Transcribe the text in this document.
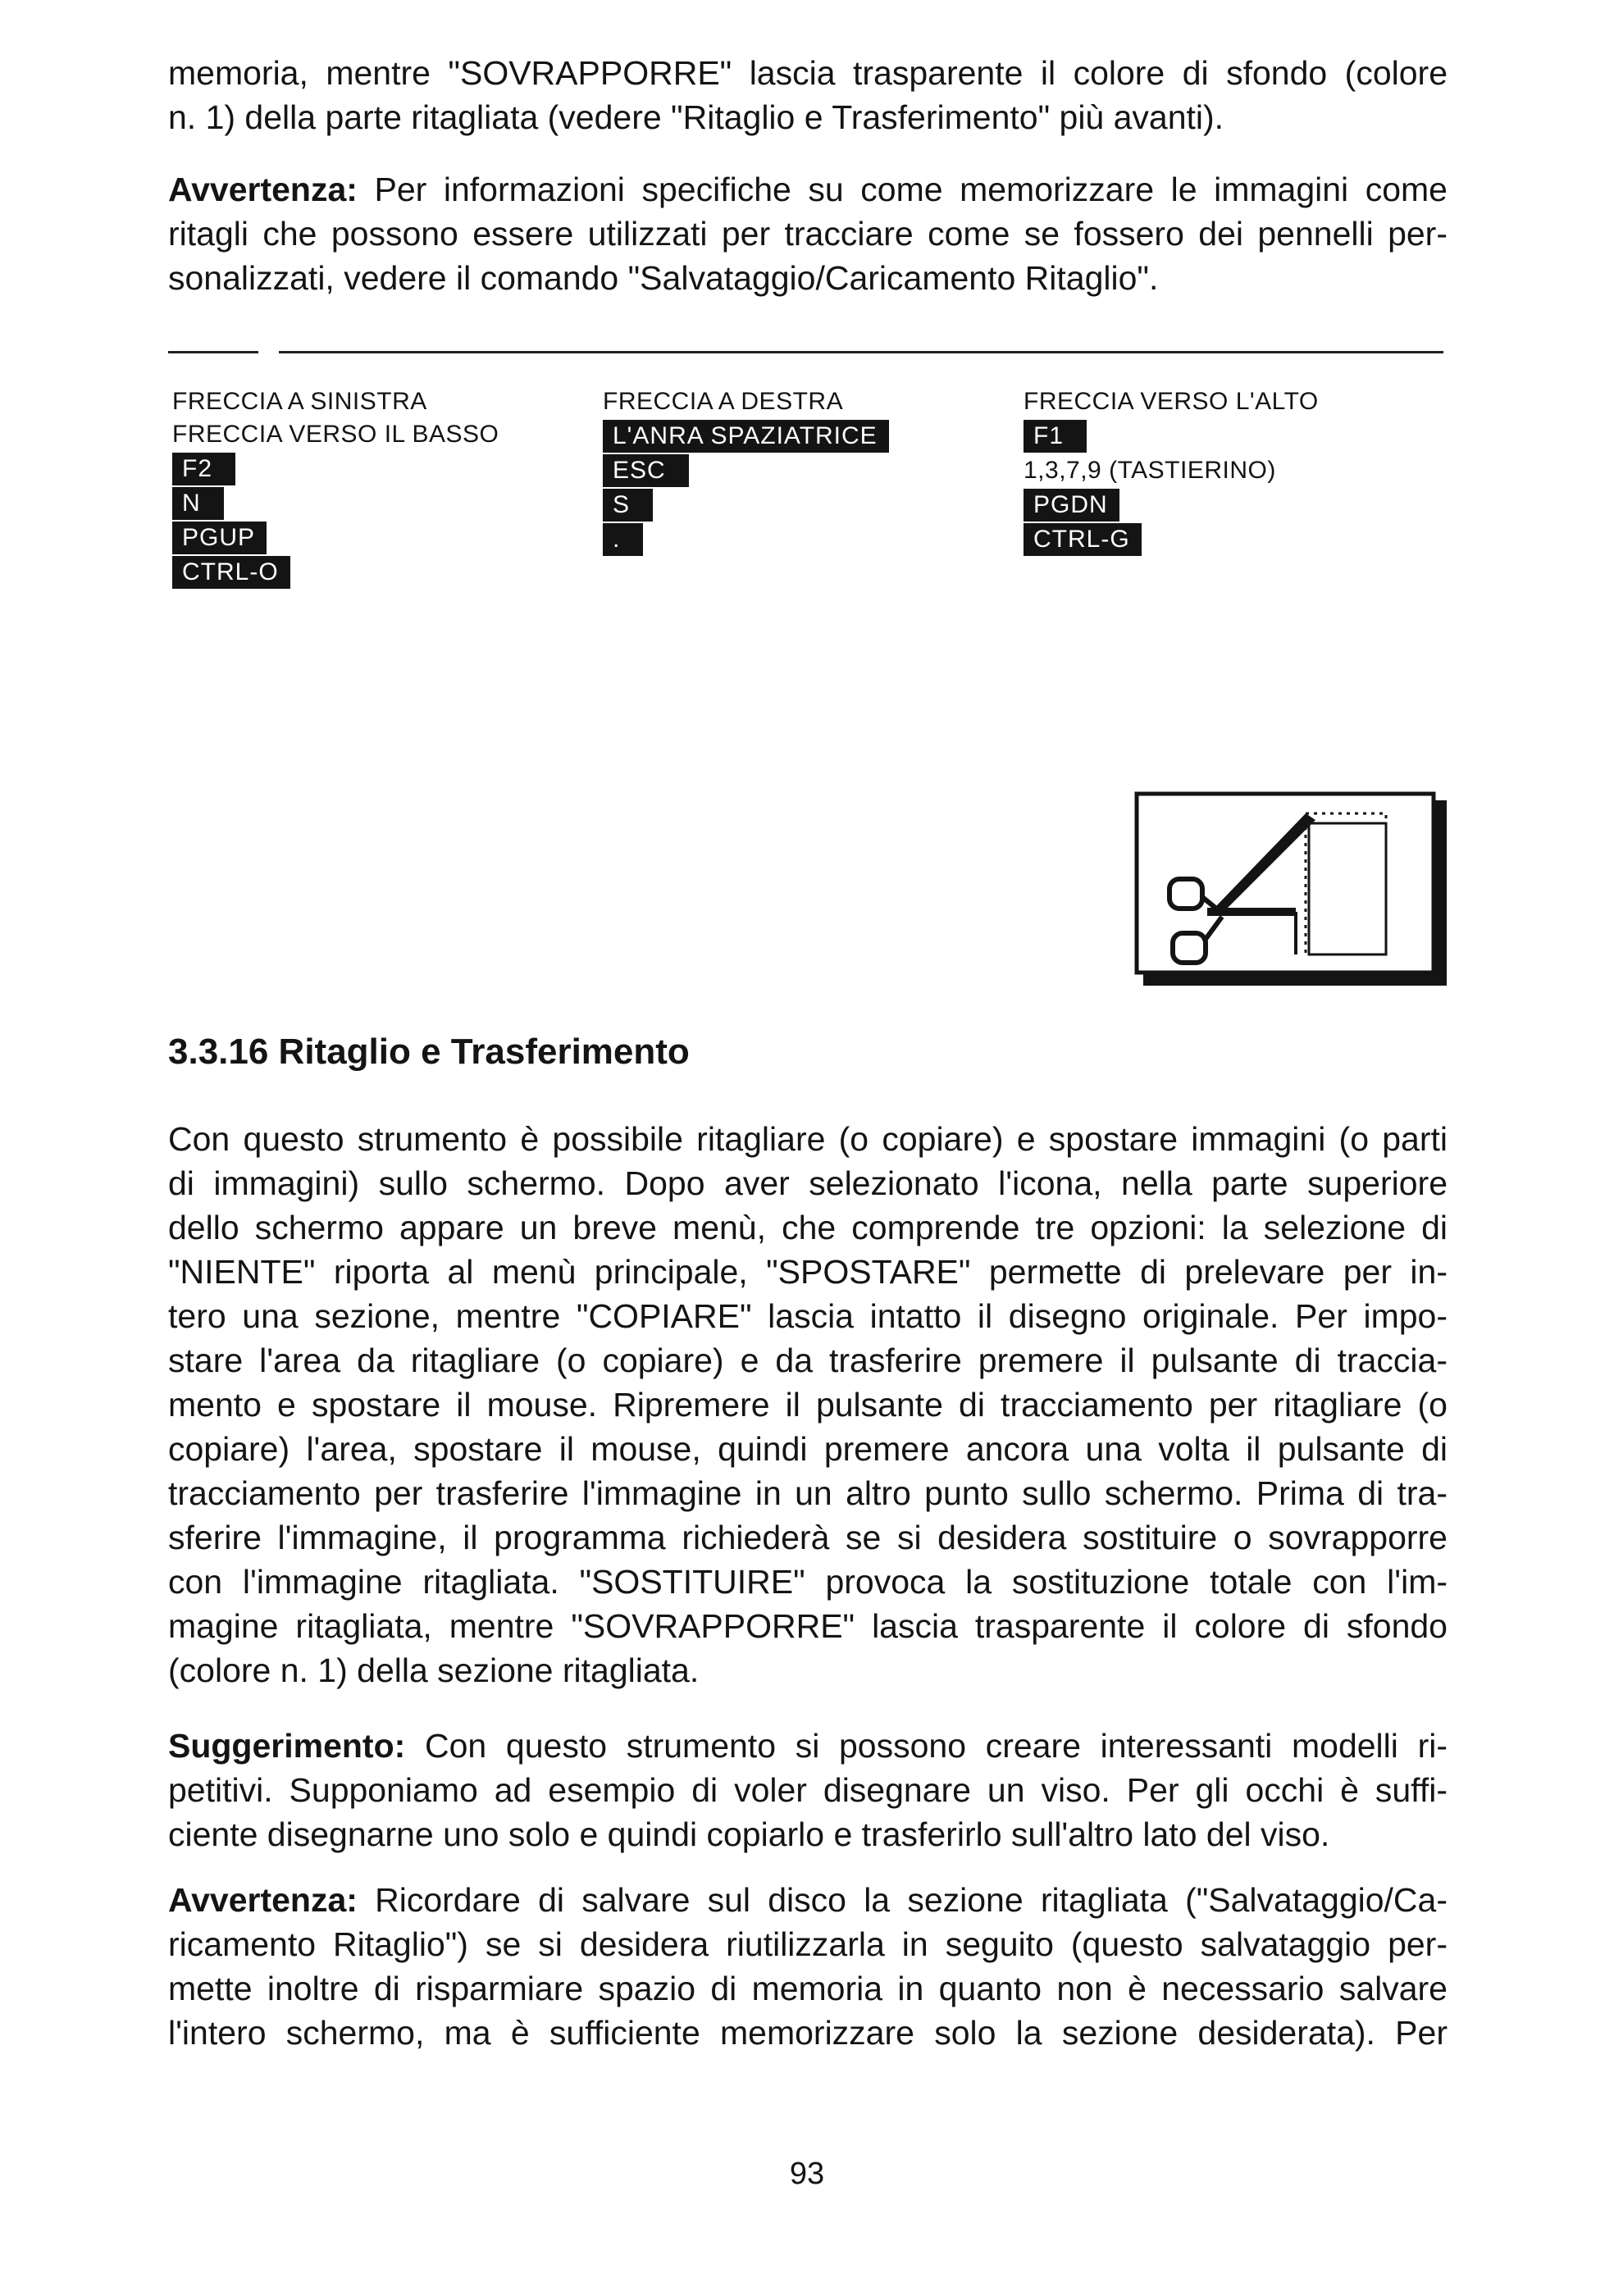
memoria, mentre "SOVRAPPORRE" lascia trasparente il colore di sfondo (colore
n. 1) della parte ritagliata (vedere "Ritaglio e Trasferimento" più avanti).

Avvertenza: Per informazioni specifiche su come memorizzare le immagini come
ritagli che possono essere utilizzati per tracciare come se fossero dei pennelli per-
sonalizzati, vedere il comando "Salvataggio/Caricamento Ritaglio".

FRECCIA A SINISTRA
FRECCIA VERSO IL BASSO
F2
N
PGUP
CTRL-O
FRECCIA A DESTRA
L'ANRA SPAZIATRICE
ESC
S
.
FRECCIA VERSO L'ALTO
F1
1,3,7,9 (TASTIERINO)
PGDN
CTRL-G
3.3.16 Ritaglio e Trasferimento

Con questo strumento è possibile ritagliare (o copiare) e spostare immagini (o parti
di immagini) sullo schermo. Dopo aver selezionato l'icona, nella parte superiore
dello schermo appare un breve menù, che comprende tre opzioni: la selezione di
"NIENTE" riporta al menù principale, "SPOSTARE" permette di prelevare per in-
tero una sezione, mentre "COPIARE" lascia intatto il disegno originale. Per impo-
stare l'area da ritagliare (o copiare) e da trasferire premere il pulsante di traccia-
mento e spostare il mouse. Ripremere il pulsante di tracciamento per ritagliare (o
copiare) l'area, spostare il mouse, quindi premere ancora una volta il pulsante di
tracciamento per trasferire l'immagine in un altro punto sullo schermo. Prima di tra-
sferire l'immagine, il programma richiederà se si desidera sostituire o sovrapporre
con l'immagine ritagliata. "SOSTITUIRE" provoca la sostituzione totale con l'im-
magine ritagliata, mentre "SOVRAPPORRE" lascia trasparente il colore di sfondo
(colore n. 1) della sezione ritagliata.

Suggerimento: Con questo strumento si possono creare interessanti modelli ri-
petitivi. Supponiamo ad esempio di voler disegnare un viso. Per gli occhi è suffi-
ciente disegnarne uno solo e quindi copiarlo e trasferirlo sull'altro lato del viso.

Avvertenza: Ricordare di salvare sul disco la sezione ritagliata ("Salvataggio/Ca-
ricamento Ritaglio") se si desidera riutilizzarla in seguito (questo salvataggio per-
mette inoltre di risparmiare spazio di memoria in quanto non è necessario salvare
l'intero schermo, ma è sufficiente memorizzare solo la sezione desiderata). Per

93
